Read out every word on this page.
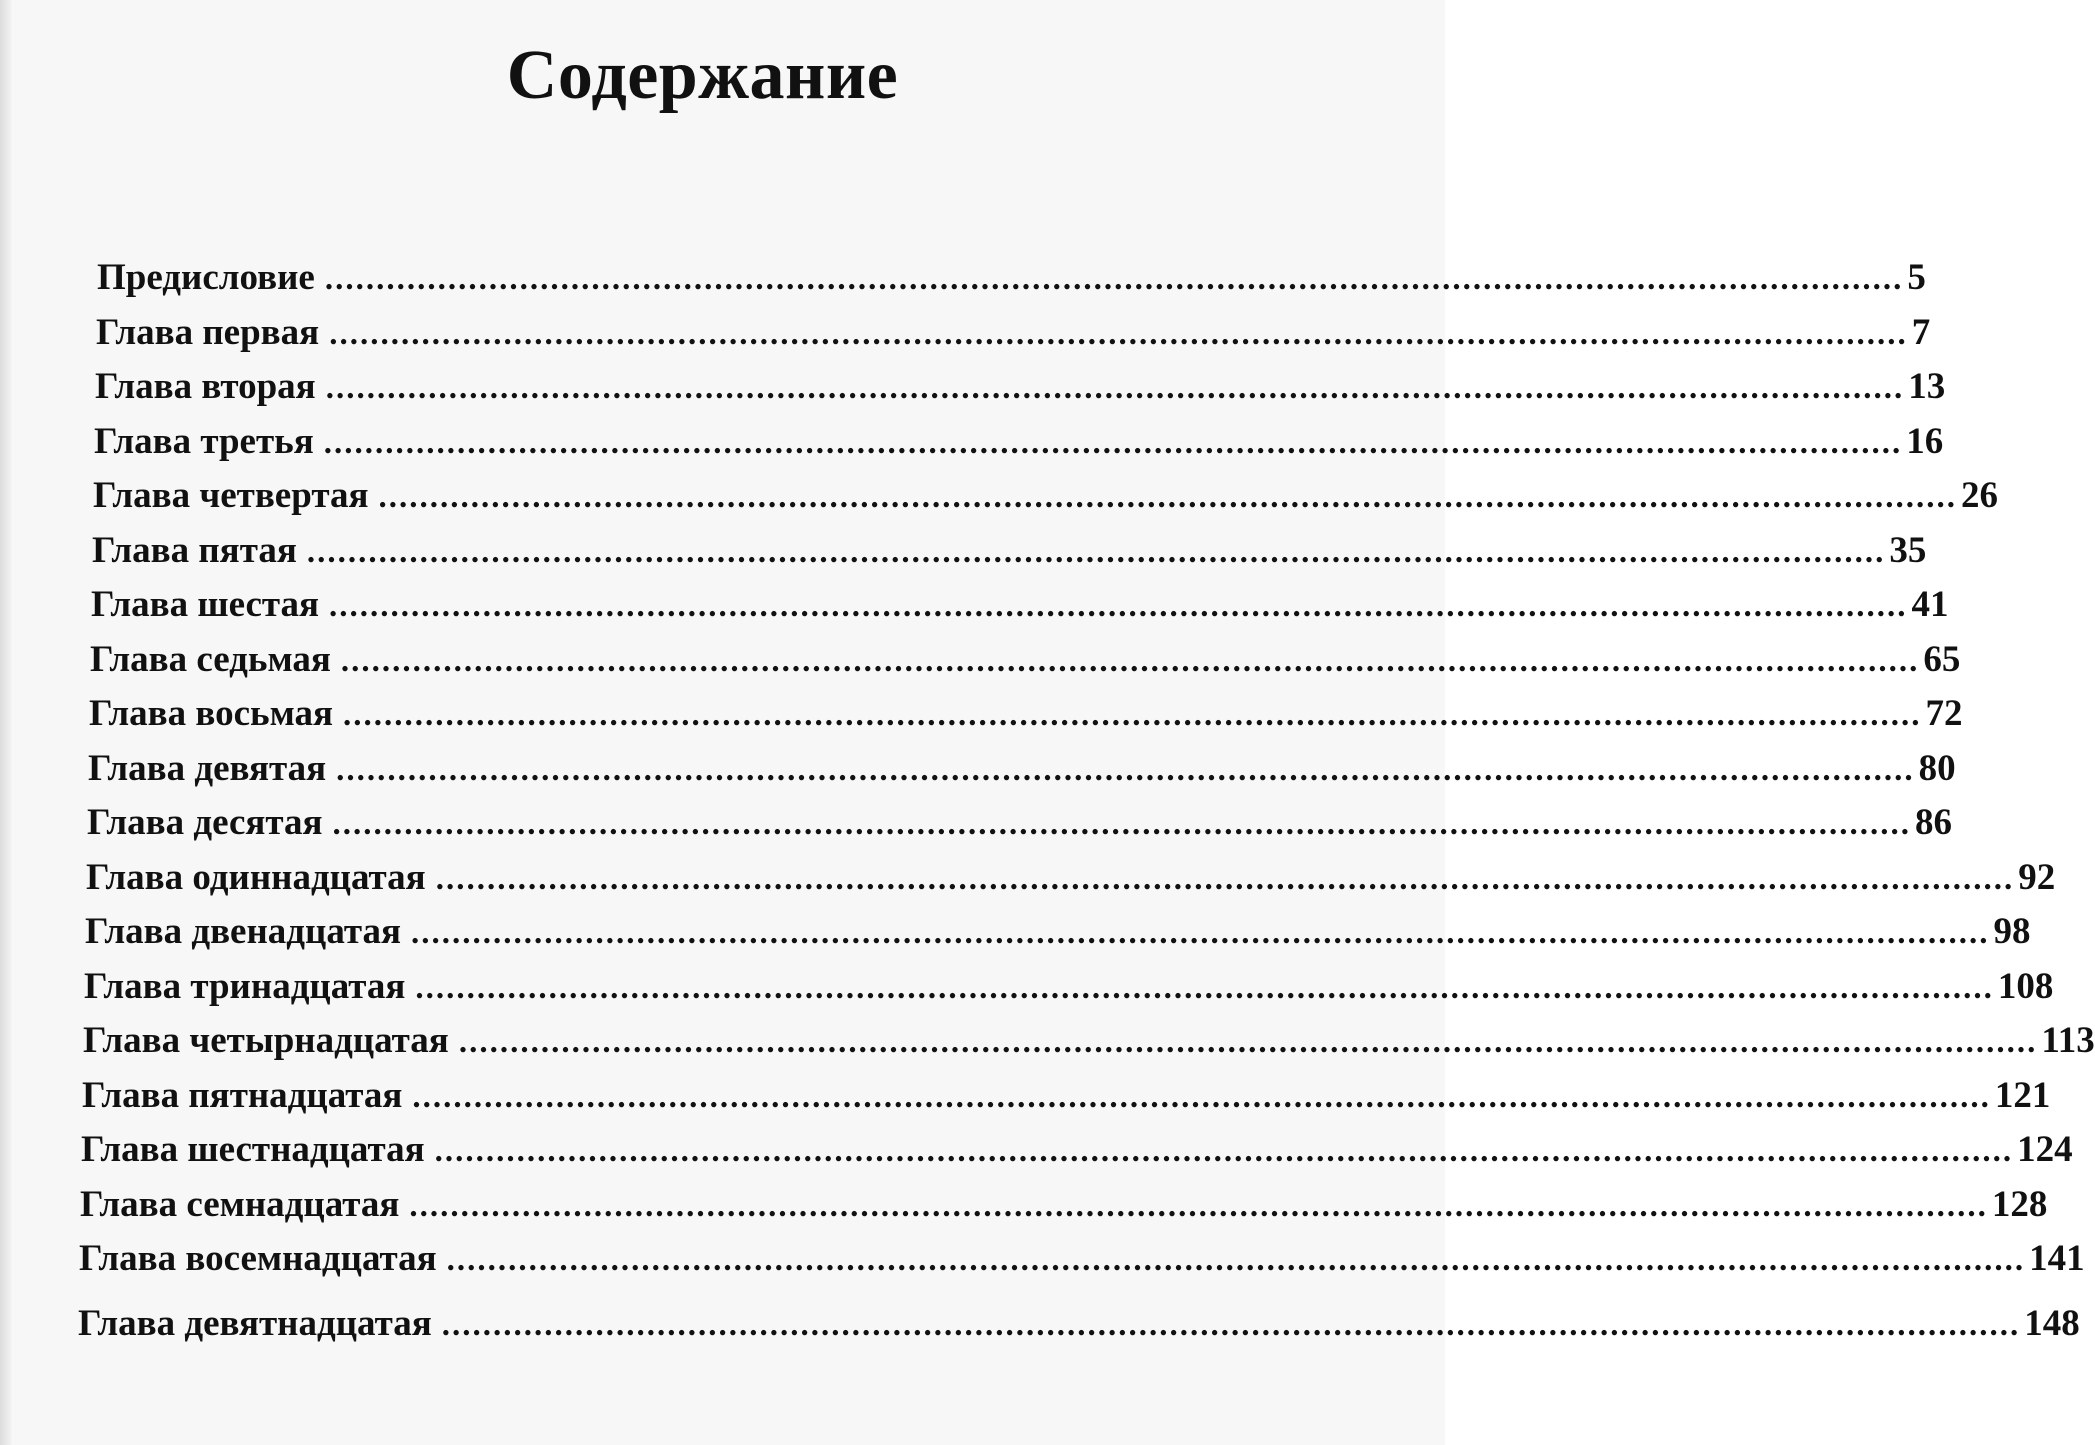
Содержание
Предисловие .......................................................................................................................................................... 5
Глава первая .......................................................................................................................................................... 7
Глава вторая .......................................................................................................................................................... 13
Глава третья .......................................................................................................................................................... 16
Глава четвертая .......................................................................................................................................................... 26
Глава пятая .......................................................................................................................................................... 35
Глава шестая .......................................................................................................................................................... 41
Глава седьмая .......................................................................................................................................................... 65
Глава восьмая .......................................................................................................................................................... 72
Глава девятая .......................................................................................................................................................... 80
Глава десятая .......................................................................................................................................................... 86
Глава одиннадцатая .......................................................................................................................................................... 92
Глава двенадцатая .......................................................................................................................................................... 98
Глава тринадцатая .......................................................................................................................................................... 108
Глава четырнадцатая .......................................................................................................................................................... 113
Глава пятнадцатая .......................................................................................................................................................... 121
Глава шестнадцатая .......................................................................................................................................................... 124
Глава семнадцатая .......................................................................................................................................................... 128
Глава восемнадцатая .......................................................................................................................................................... 141
Глава девятнадцатая .......................................................................................................................................................... 148
